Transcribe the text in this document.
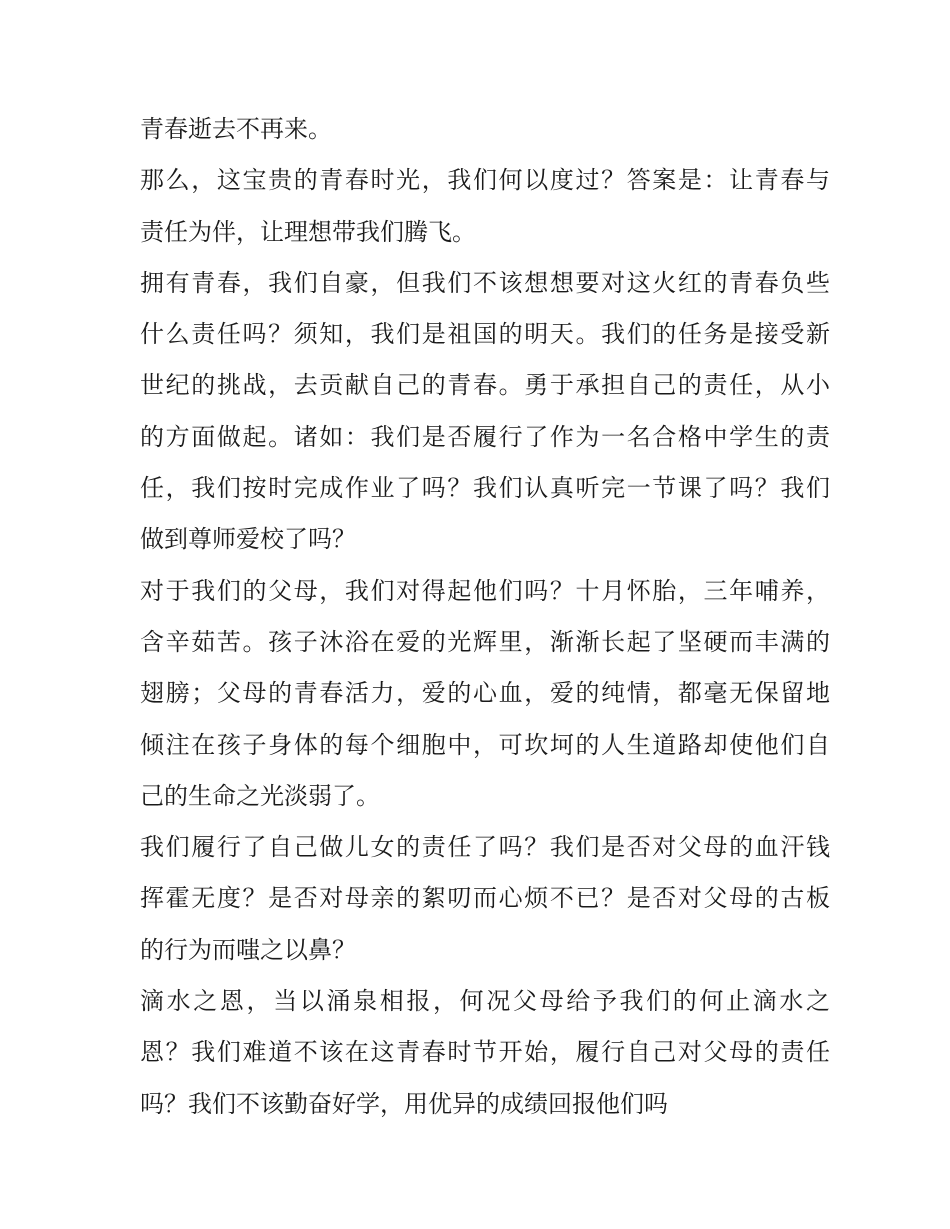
青春逝去不再来。
那么，这宝贵的青春时光，我们何以度过？答案是：让青春与
责任为伴，让理想带我们腾飞。
拥有青春，我们自豪，但我们不该想想要对这火红的青春负些
什么责任吗？须知，我们是祖国的明天。我们的任务是接受新
世纪的挑战，去贡献自己的青春。勇于承担自己的责任，从小
的方面做起。诸如：我们是否履行了作为一名合格中学生的责
任，我们按时完成作业了吗？我们认真听完一节课了吗？我们
做到尊师爱校了吗？
对于我们的父母，我们对得起他们吗？十月怀胎，三年哺养，
含辛茹苦。孩子沐浴在爱的光辉里，渐渐长起了坚硬而丰满的
翅膀；父母的青春活力，爱的心血，爱的纯情，都毫无保留地
倾注在孩子身体的每个细胞中，可坎坷的人生道路却使他们自
己的生命之光淡弱了。
我们履行了自己做儿女的责任了吗？我们是否对父母的血汗钱
挥霍无度？是否对母亲的絮叨而心烦不已？是否对父母的古板
的行为而嗤之以鼻？
滴水之恩，当以涌泉相报，何况父母给予我们的何止滴水之
恩？我们难道不该在这青春时节开始，履行自己对父母的责任
吗？我们不该勤奋好学，用优异的成绩回报他们吗
